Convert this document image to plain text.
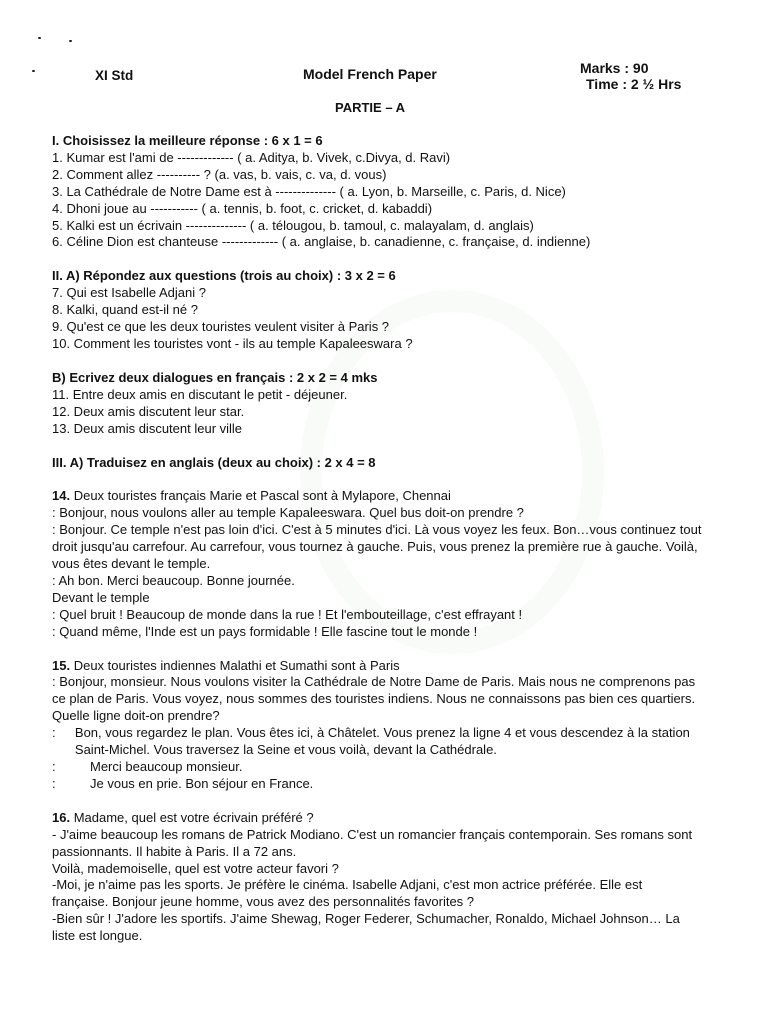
XI Std	Model French Paper	Marks : 90
Time : 2 ½ Hrs
PARTIE – A
I. Choisissez la meilleure réponse : 6 x 1 = 6
1. Kumar est l'ami de ------------- ( a. Aditya, b. Vivek, c.Divya, d. Ravi)
2. Comment allez ---------- ? (a. vas, b. vais, c. va, d. vous)
3. La Cathédrale de Notre Dame est à -------------- ( a. Lyon, b. Marseille, c. Paris, d. Nice)
4. Dhoni joue au ----------- ( a. tennis, b. foot, c. cricket, d. kabaddi)
5. Kalki est un écrivain -------------- ( a. télougou, b. tamoul, c. malayalam, d. anglais)
6. Céline Dion est chanteuse ------------- ( a. anglaise, b. canadienne, c. française, d. indienne)
II. A) Répondez aux questions (trois au choix) : 3 x 2 = 6
7. Qui est Isabelle Adjani ?
8. Kalki, quand est-il né ?
9. Qu'est ce que les deux touristes veulent visiter à Paris ?
10. Comment les touristes vont - ils au temple Kapaleeswara ?
B) Ecrivez deux dialogues en français : 2 x 2 = 4 mks
11. Entre deux amis en discutant le petit - déjeuner.
12. Deux amis discutent leur star.
13. Deux amis discutent leur ville
III. A) Traduisez en anglais (deux au choix) : 2 x 4 = 8
14. Deux touristes français Marie et Pascal sont à Mylapore, Chennai
: Bonjour, nous voulons aller au temple Kapaleeswara. Quel bus doit-on prendre ?
: Bonjour. Ce temple n'est pas loin d'ici. C'est à 5 minutes d'ici. Là vous voyez les feux. Bon…vous continuez tout droit jusqu'au carrefour. Au carrefour, vous tournez à gauche. Puis, vous prenez la première rue à gauche. Voilà, vous êtes devant le temple.
: Ah bon. Merci beaucoup. Bonne journée.
Devant le temple
: Quel bruit ! Beaucoup de monde dans la rue ! Et l'embouteillage, c'est effrayant !
: Quand même, l'Inde est un pays formidable ! Elle fascine tout le monde !
15. Deux touristes indiennes Malathi et Sumathi sont à Paris
: Bonjour, monsieur. Nous voulons visiter la Cathédrale de Notre Dame de Paris. Mais nous ne comprenons pas ce plan de Paris. Vous voyez, nous sommes des touristes indiens. Nous ne connaissons pas bien ces quartiers. Quelle ligne doit-on prendre?
:	Bon, vous regardez le plan. Vous êtes ici, à Châtelet. Vous prenez la ligne 4 et vous descendez à la station Saint-Michel. Vous traversez la Seine et vous voilà, devant la Cathédrale.
:	Merci beaucoup monsieur.
:	Je vous en prie. Bon séjour en France.
16. Madame, quel est votre écrivain préféré ?
- J'aime beaucoup les romans de Patrick Modiano. C'est un romancier français contemporain. Ses romans sont passionnants. Il habite à Paris. Il a 72 ans.
Voilà, mademoiselle, quel est votre acteur favori ?
-Moi, je n'aime pas les sports. Je préfère le cinéma. Isabelle Adjani, c'est mon actrice préférée. Elle est française. Bonjour jeune homme, vous avez des personnalités favorites ?
-Bien sûr ! J'adore les sportifs. J'aime Shewag, Roger Federer, Schumacher, Ronaldo, Michael Johnson… La liste est longue.
